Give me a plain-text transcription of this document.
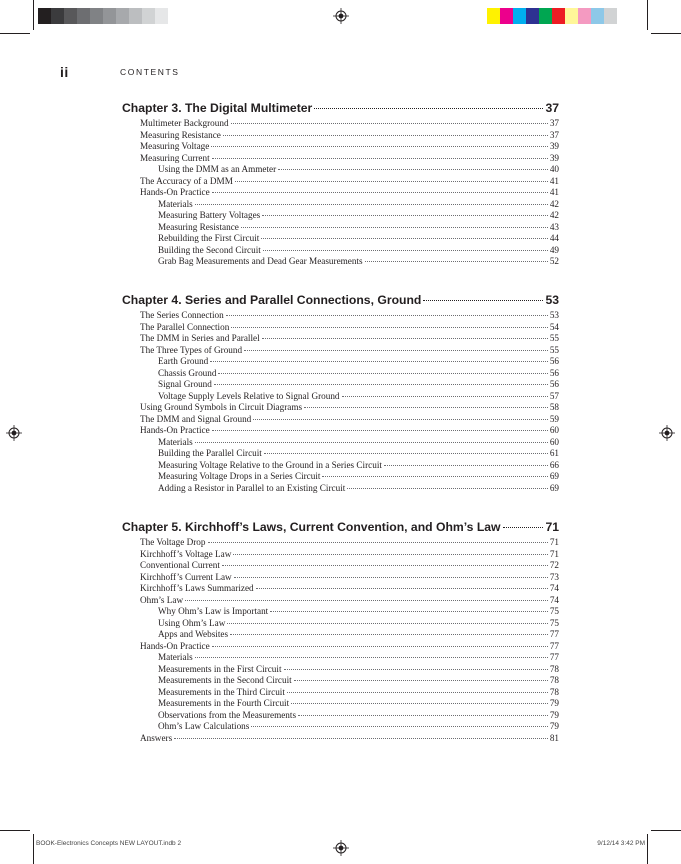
ii	CONTENTS
Chapter 3. The Digital Multimeter	37
Multimeter Background	37
Measuring Resistance	37
Measuring Voltage	39
Measuring Current	39
Using the DMM as an Ammeter	40
The Accuracy of a DMM	41
Hands-On Practice	41
Materials	42
Measuring Battery Voltages	42
Measuring Resistance	43
Rebuilding the First Circuit	44
Building the Second Circuit	49
Grab Bag Measurements and Dead Gear Measurements	52
Chapter 4. Series and Parallel Connections, Ground	53
The Series Connection	53
The Parallel Connection	54
The DMM in Series and Parallel	55
The Three Types of Ground	55
Earth Ground	56
Chassis Ground	56
Signal Ground	56
Voltage Supply Levels Relative to Signal Ground	57
Using Ground Symbols in Circuit Diagrams	58
The DMM and Signal Ground	59
Hands-On Practice	60
Materials	60
Building the Parallel Circuit	61
Measuring Voltage Relative to the Ground in a Series Circuit	66
Measuring Voltage Drops in a Series Circuit	69
Adding a Resistor in Parallel to an Existing Circuit	69
Chapter 5. Kirchhoff’s Laws, Current Convention, and Ohm’s Law	71
The Voltage Drop	71
Kirchhoff’s Voltage Law	71
Conventional Current	72
Kirchhoff’s Current Law	73
Kirchhoff’s Laws Summarized	74
Ohm’s Law	74
Why Ohm’s Law is Important	75
Using Ohm’s Law	75
Apps and Websites	77
Hands-On Practice	77
Materials	77
Measurements in the First Circuit	78
Measurements in the Second Circuit	78
Measurements in the Third Circuit	78
Measurements in the Fourth Circuit	79
Observations from the Measurements	79
Ohm’s Law Calculations	79
Answers	81
BOOK-Electronics Concepts NEW LAYOUT.indb 2	9/12/14 3:42 PM
